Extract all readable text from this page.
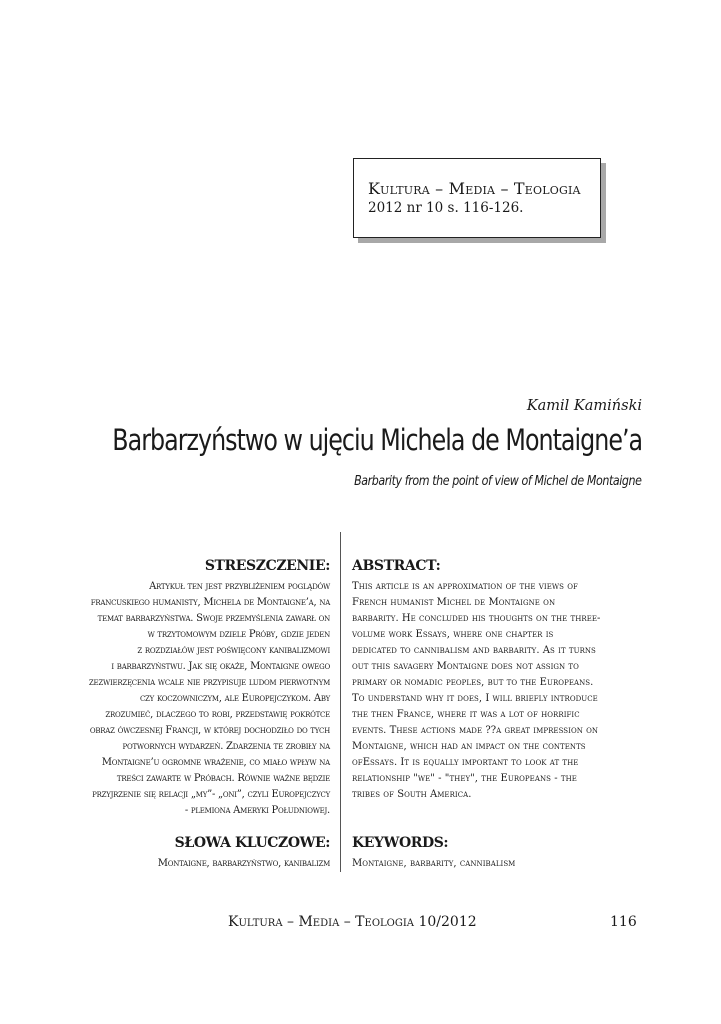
Kultura – Media – Teologia
2012 nr 10 s. 116-126.
Kamil Kamiński
Barbarzyństwo w ujęciu Michela de Montaigne’a
Barbarity from the point of view of Michel de Montaigne
STRESZCZENIE:
Artykuł ten jest przybliżeniem poglądów
francuskiego humanisty, Michela de Montaigne’a, na
temat barbarzyństwa. Swoje przemyślenia zawarł on
w trzytomowym dziele Próby, gdzie jeden
z rozdziałów jest poświęcony kanibalizmowi
i barbarzyństwu. Jak się okaże, Montaigne owego
zezwierzęcenia wcale nie przypisuje ludom pierwotnym
czy koczowniczym, ale Europejczykom. Aby
zrozumieć, dlaczego to robi, przedstawię pokrótce
obraz ówczesnej Francji, w której dochodziło do tych
potwornych wydarzeń. Zdarzenia te zrobiły na
Montaigne’u ogromne wrażenie, co miało wpływ na
treści zawarte w Próbach. Równie ważne będzie
przyjrzenie się relacji „my”- „oni”, czyli Europejczycy
- plemiona Ameryki Południowej.
ABSTRACT:
This article is an approximation of the views of
French humanist Michel de Montaigne on
barbarity. He concluded his thoughts on the three-
volume work Essays, where one chapter is
dedicated to cannibalism and barbarity. As it turns
out this savagery Montaigne does not assign to
primary or nomadic peoples, but to the Europeans.
To understand why it does, I will briefly introduce
the then France, where it was a lot of horrific
events. These actions made ??a great impression on
Montaigne, which had an impact on the contents
ofEssays. It is equally important to look at the
relationship "we" - "they", the Europeans - the
tribes of South America.
SŁOWA KLUCZOWE:
Montaigne, barbarzyństwo, kanibalizm
KEYWORDS:
Montaigne, barbarity, cannibalism
Kultura – Media – Teologia 10/2012	116
